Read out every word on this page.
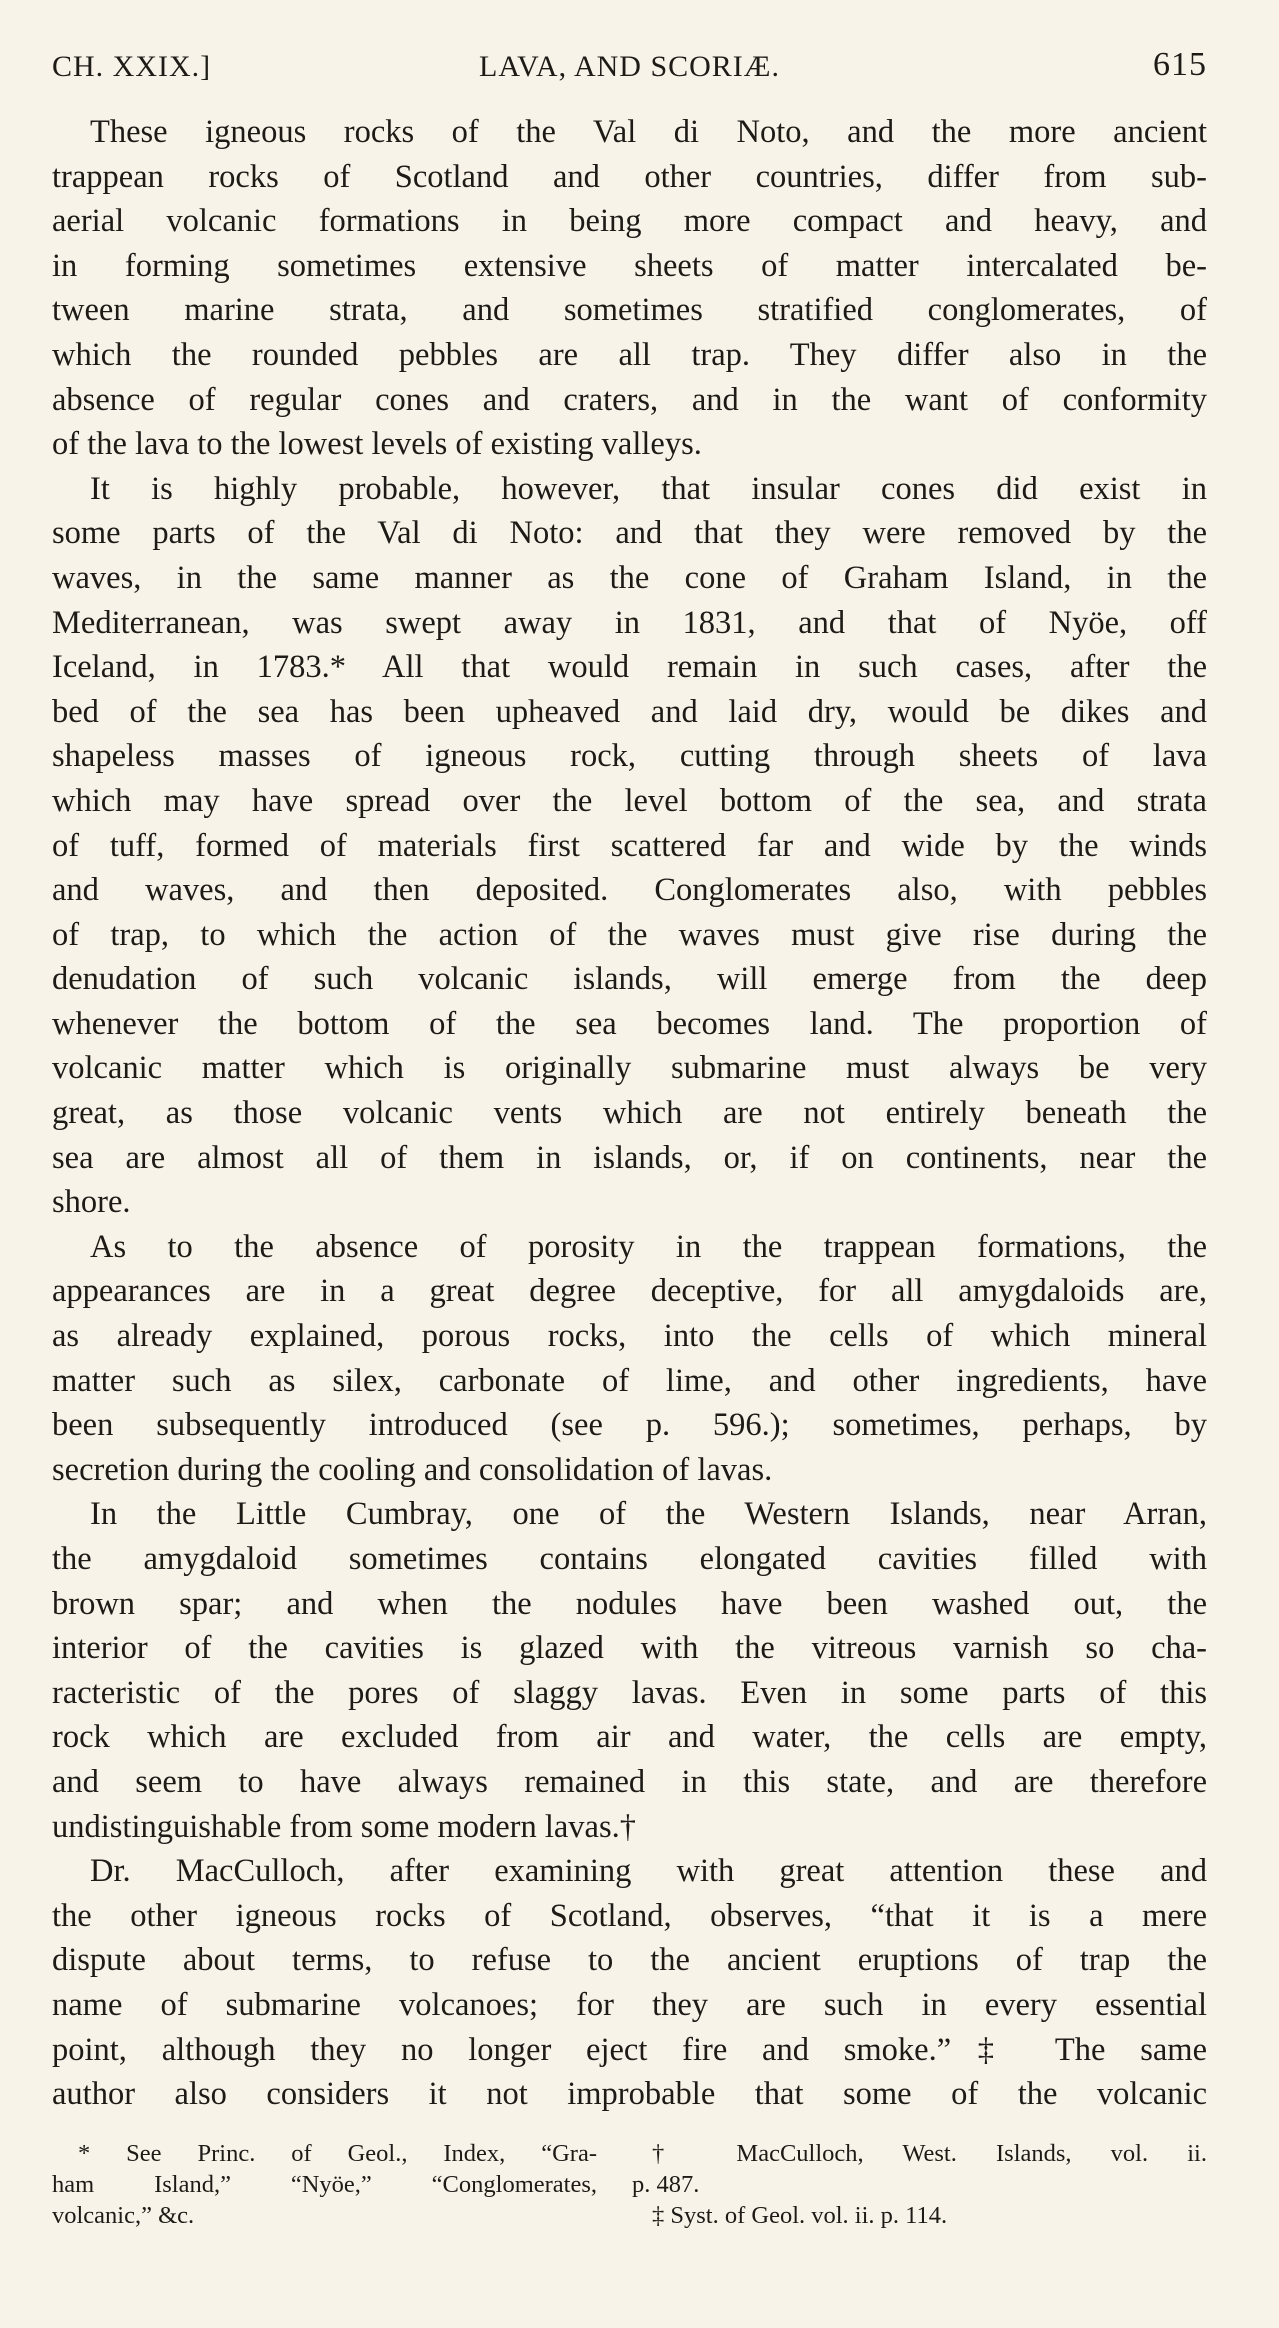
CH. XXIX.]	LAVA, AND SCORIÆ.	615
These igneous rocks of the Val di Noto, and the more ancient
trappean rocks of Scotland and other countries, differ from sub-
aerial volcanic formations in being more compact and heavy, and
in forming sometimes extensive sheets of matter intercalated be-
tween marine strata, and sometimes stratified conglomerates, of
which the rounded pebbles are all trap. They differ also in the
absence of regular cones and craters, and in the want of conformity
of the lava to the lowest levels of existing valleys.
It is highly probable, however, that insular cones did exist in
some parts of the Val di Noto: and that they were removed by the
waves, in the same manner as the cone of Graham Island, in the
Mediterranean, was swept away in 1831, and that of Nyöe, off
Iceland, in 1783.* All that would remain in such cases, after the
bed of the sea has been upheaved and laid dry, would be dikes and
shapeless masses of igneous rock, cutting through sheets of lava
which may have spread over the level bottom of the sea, and strata
of tuff, formed of materials first scattered far and wide by the winds
and waves, and then deposited. Conglomerates also, with pebbles
of trap, to which the action of the waves must give rise during the
denudation of such volcanic islands, will emerge from the deep
whenever the bottom of the sea becomes land. The proportion of
volcanic matter which is originally submarine must always be very
great, as those volcanic vents which are not entirely beneath the
sea are almost all of them in islands, or, if on continents, near the
shore.
As to the absence of porosity in the trappean formations, the
appearances are in a great degree deceptive, for all amygdaloids are,
as already explained, porous rocks, into the cells of which mineral
matter such as silex, carbonate of lime, and other ingredients, have
been subsequently introduced (see p. 596.); sometimes, perhaps, by
secretion during the cooling and consolidation of lavas.
In the Little Cumbray, one of the Western Islands, near Arran,
the amygdaloid sometimes contains elongated cavities filled with
brown spar; and when the nodules have been washed out, the
interior of the cavities is glazed with the vitreous varnish so cha-
racteristic of the pores of slaggy lavas. Even in some parts of this
rock which are excluded from air and water, the cells are empty,
and seem to have always remained in this state, and are therefore
undistinguishable from some modern lavas.†
Dr. MacCulloch, after examining with great attention these and
the other igneous rocks of Scotland, observes, “that it is a mere
dispute about terms, to refuse to the ancient eruptions of trap the
name of submarine volcanoes; for they are such in every essential
point, although they no longer eject fire and smoke.”‡ The same
author also considers it not improbable that some of the volcanic
* See Princ. of Geol., Index, “Gra-
ham Island,” “Nyöe,” “Conglomerates,
volcanic,” &c.
† MacCulloch, West. Islands, vol. ii.
p. 487.
‡ Syst. of Geol. vol. ii. p. 114.
